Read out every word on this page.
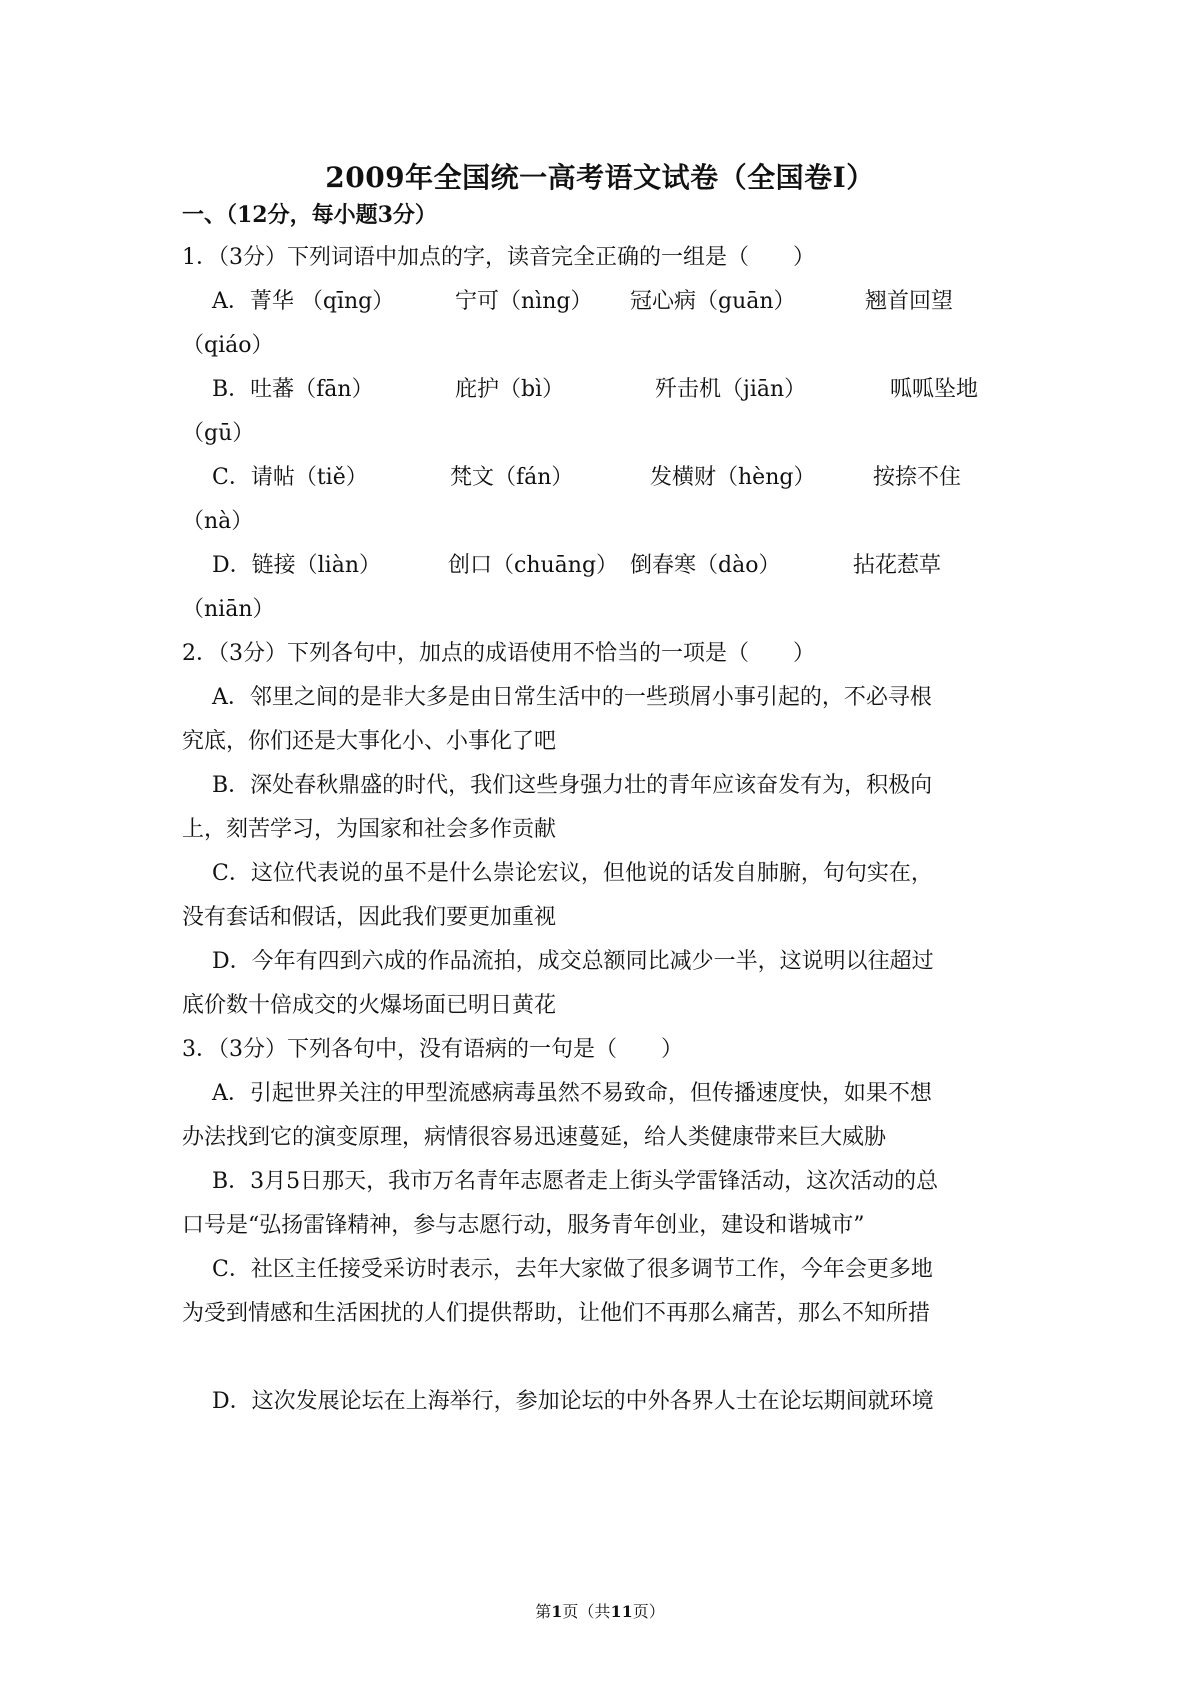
2009年全国统一高考语文试卷（全国卷Ⅰ）
一、（12分，每小题3分）
1．（3分）下列词语中加点的字，读音完全正确的一组是（　　）
A．菁华 （qīng）	宁可（nìng） 冠心病（guān）	翘首回望
（qiáo）
B．吐蕃（fān）	庇护（bì）	歼击机（jiān）	呱呱坠地
（gū）
C．请帖（tiě）	梵文（fán）	发横财（hèng）	按捺不住
（nà）
D．链接（liàn）	创口（chuāng） 倒春寒（dào）	拈花惹草
（niān）
2．（3分）下列各句中，加点的成语使用不恰当的一项是（　　）
A．邻里之间的是非大多是由日常生活中的一些琐屑小事引起的，不必寻根
究底，你们还是大事化小、小事化了吧
B．深处春秋鼎盛的时代，我们这些身强力壮的青年应该奋发有为，积极向
上，刻苦学习，为国家和社会多作贡献
C．这位代表说的虽不是什么崇论宏议，但他说的话发自肺腑，句句实在，
没有套话和假话，因此我们要更加重视
D．今年有四到六成的作品流拍，成交总额同比减少一半，这说明以往超过
底价数十倍成交的火爆场面已明日黄花
3．（3分）下列各句中，没有语病的一句是（　　）
A．引起世界关注的甲型流感病毒虽然不易致命，但传播速度快，如果不想
办法找到它的演变原理，病情很容易迅速蔓延，给人类健康带来巨大威胁
B．3月5日那天，我市万名青年志愿者走上街头学雷锋活动，这次活动的总
口号是“弘扬雷锋精神，参与志愿行动，服务青年创业，建设和谐城市”
C．社区主任接受采访时表示，去年大家做了很多调节工作，今年会更多地
为受到情感和生活困扰的人们提供帮助，让他们不再那么痛苦，那么不知所措
D．这次发展论坛在上海举行，参加论坛的中外各界人士在论坛期间就环境
第1页（共11页）
